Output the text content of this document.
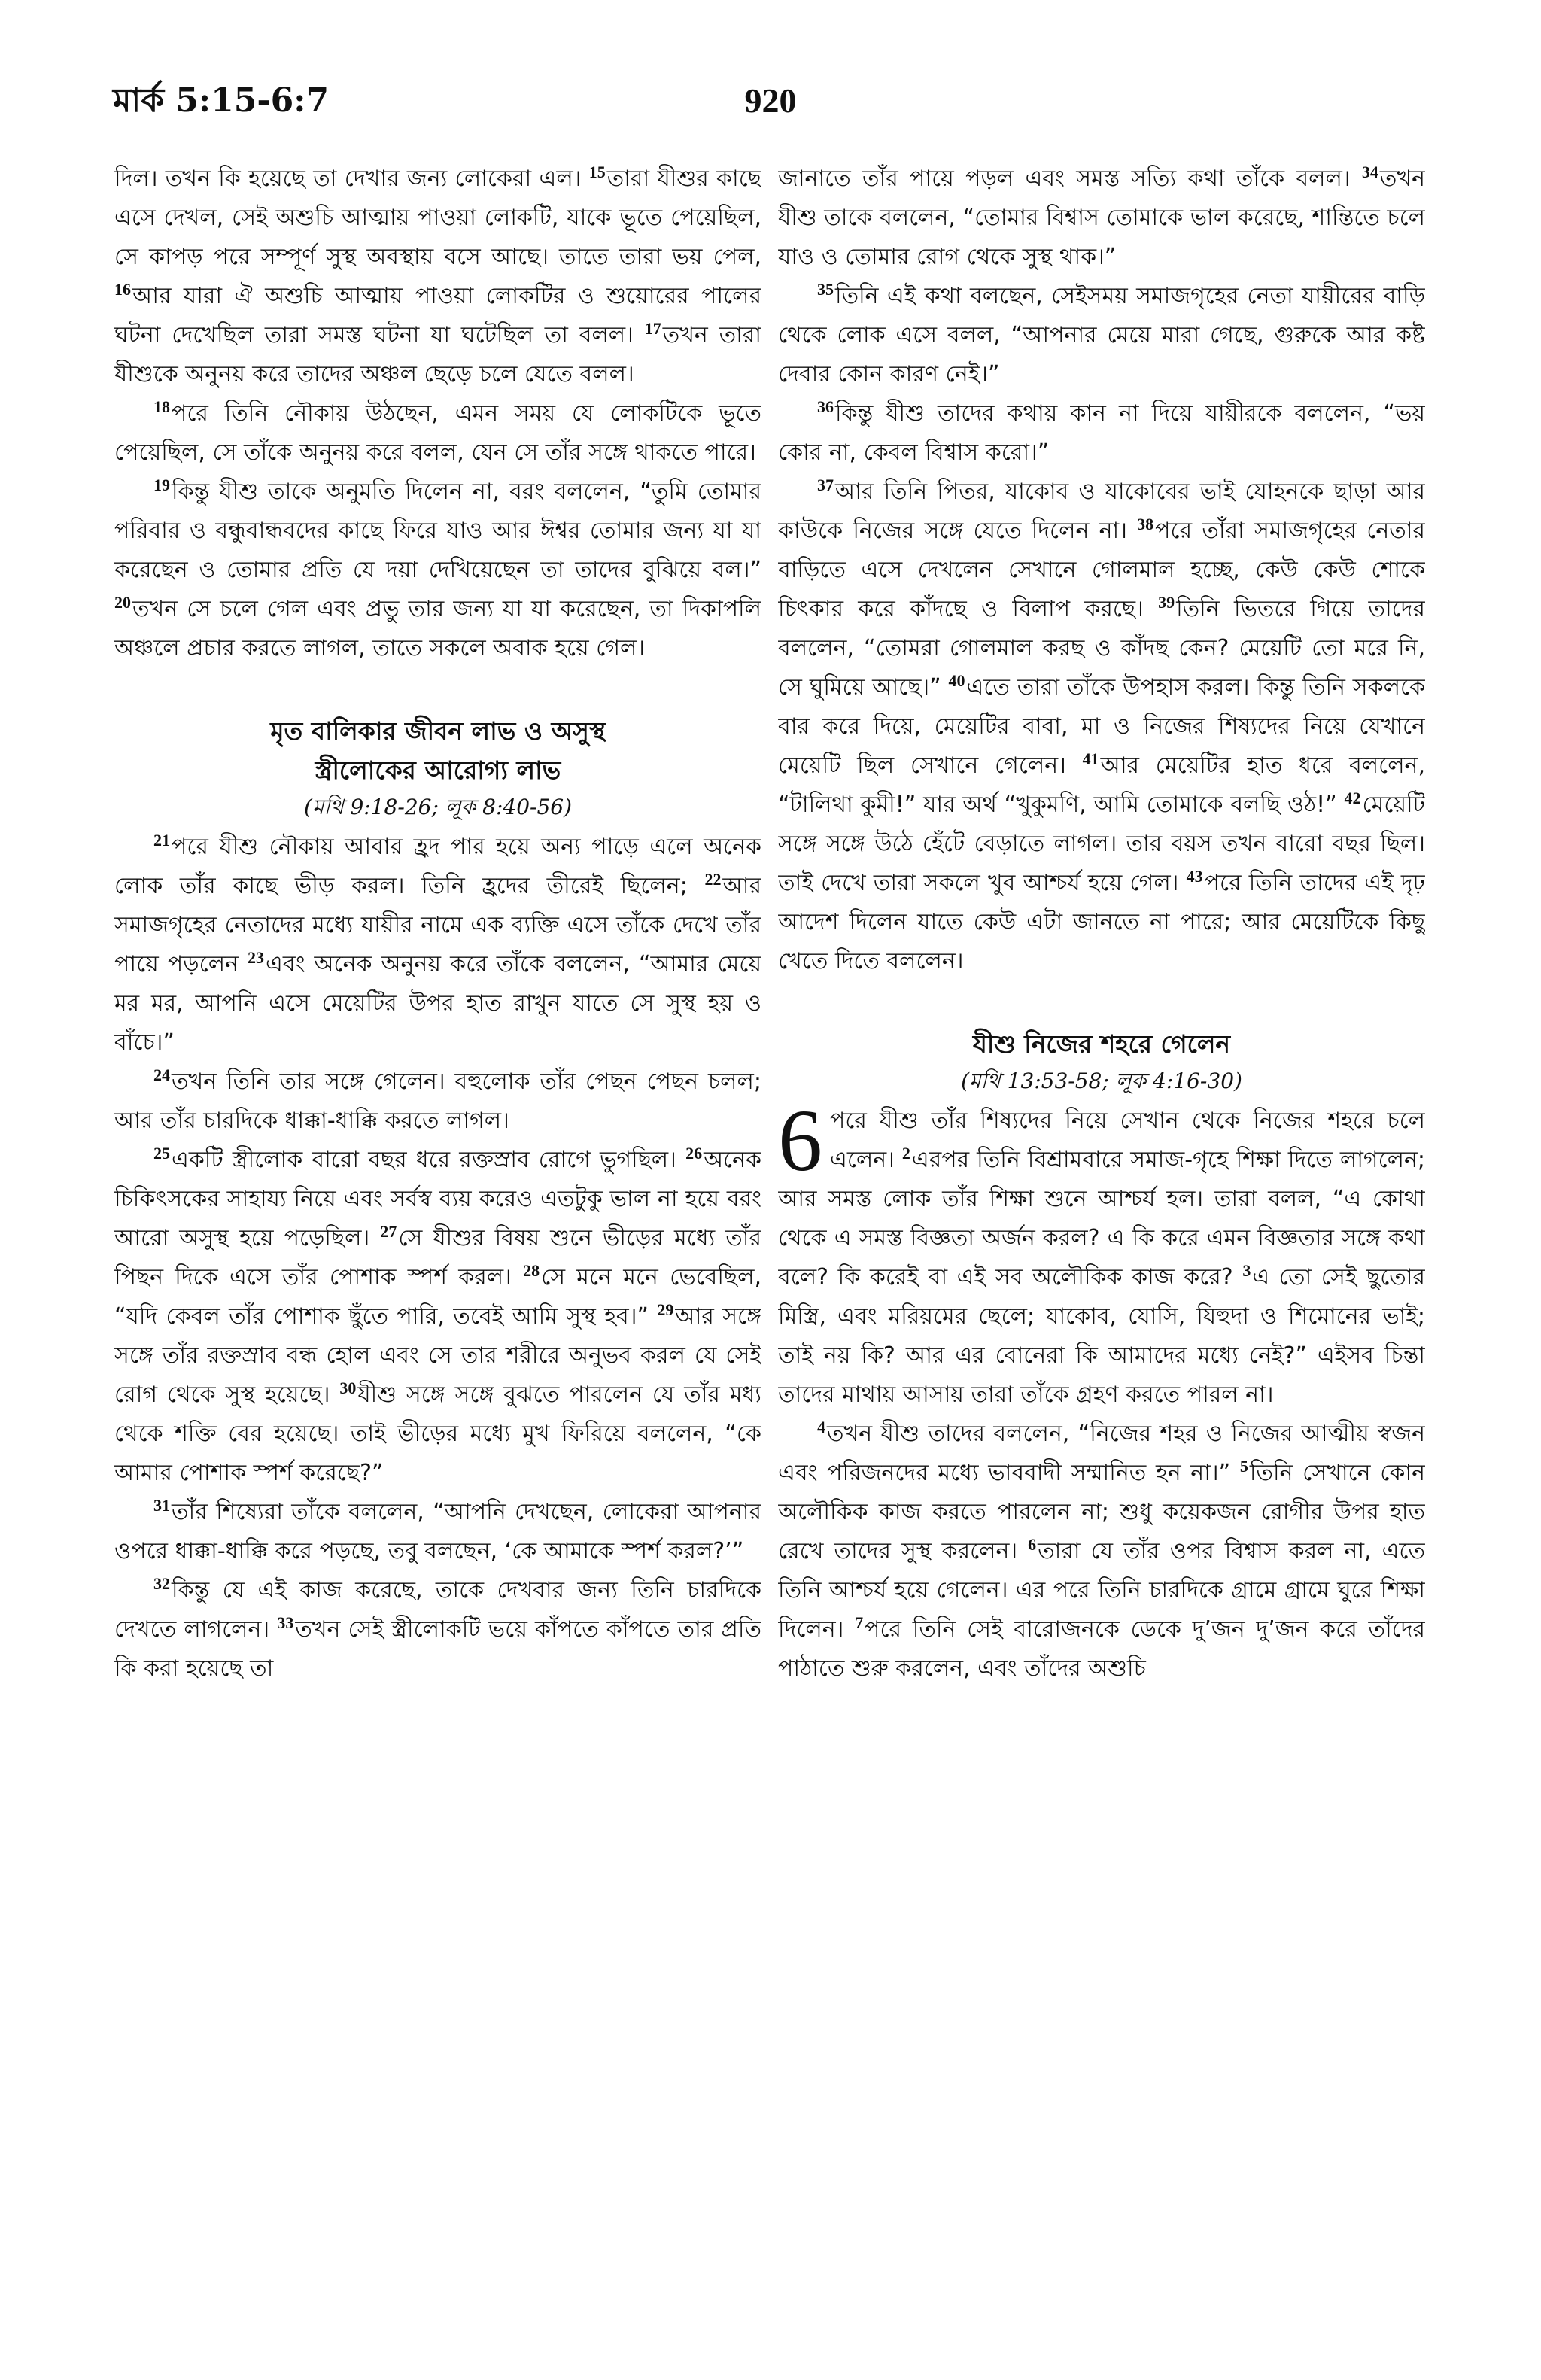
মার্ক 5:15-6:7	920

দিল। তখন কি হয়েছে তা দেখার জন্য লোকেরা এল। $^{15}$তারা যীশুর কাছে এসে দেখল, সেই অশুচি আত্মায় পাওয়া লোকটি, যাকে ভূতে পেয়েছিল, সে কাপড় পরে সম্পূর্ণ সুস্থ অবস্থায় বসে আছে। তাতে তারা ভয় পেল, $^{16}$আর যারা ঐ অশুচি আত্মায় পাওয়া লোকটির ও শুয়োরের পালের ঘটনা দেখেছিল তারা সমস্ত ঘটনা যা ঘটেছিল তা বলল। $^{17}$তখন তারা যীশুকে অনুনয় করে তাদের অঞ্চল ছেড়ে চলে যেতে বলল।

$^{18}$পরে তিনি নৌকায় উঠছেন, এমন সময় যে লোকটিকে ভূতে পেয়েছিল, সে তাঁকে অনুনয় করে বলল, যেন সে তাঁর সঙ্গে থাকতে পারে।

$^{19}$কিন্তু যীশু তাকে অনুমতি দিলেন না, বরং বললেন, “তুমি তোমার পরিবার ও বন্ধুবান্ধবদের কাছে ফিরে যাও আর ঈশ্বর তোমার জন্য যা যা করেছেন ও তোমার প্রতি যে দয়া দেখিয়েছেন তা তাদের বুঝিয়ে বল।” $^{20}$তখন সে চলে গেল এবং প্রভু তার জন্য যা যা করেছেন, তা দিকাপলি অঞ্চলে প্রচার করতে লাগল, তাতে সকলে অবাক হয়ে গেল।

মৃত বালিকার জীবন লাভ ও অসুস্থ

স্ত্রীলোকের আরোগ্য লাভ

(মথি 9:18-26; লূক 8:40-56)

$^{21}$পরে যীশু নৌকায় আবার হ্রদ পার হয়ে অন্য পাড়ে এলে অনেক লোক তাঁর কাছে ভীড় করল। তিনি হ্রদের তীরেই ছিলেন; $^{22}$আর সমাজগৃহের নেতাদের মধ্যে যায়ীর নামে এক ব্যক্তি এসে তাঁকে দেখে তাঁর পায়ে পড়লেন $^{23}$এবং অনেক অনুনয় করে তাঁকে বললেন, “আমার মেয়ে মর মর, আপনি এসে মেয়েটির উপর হাত রাখুন যাতে সে সুস্থ হয় ও বাঁচে।”

$^{24}$তখন তিনি তার সঙ্গে গেলেন। বহুলোক তাঁর পেছন পেছন চলল; আর তাঁর চারদিকে ধাক্কা-ধাক্কি করতে লাগল।

$^{25}$একটি স্ত্রীলোক বারো বছর ধরে রক্তস্রাব রোগে ভুগছিল। $^{26}$অনেক চিকিৎসকের সাহায্য নিয়ে এবং সর্বস্ব ব্যয় করেও এতটুকু ভাল না হয়ে বরং আরো অসুস্থ হয়ে পড়েছিল। $^{27}$সে যীশুর বিষয় শুনে ভীড়ের মধ্যে তাঁর পিছন দিকে এসে তাঁর পোশাক স্পর্শ করল। $^{28}$সে মনে মনে ভেবেছিল, “যদি কেবল তাঁর পোশাক ছুঁতে পারি, তবেই আমি সুস্থ হব।” $^{29}$আর সঙ্গে সঙ্গে তাঁর রক্তস্রাব বন্ধ হোল এবং সে তার শরীরে অনুভব করল যে সেই রোগ থেকে সুস্থ হয়েছে। $^{30}$যীশু সঙ্গে সঙ্গে বুঝতে পারলেন যে তাঁর মধ্য থেকে শক্তি বের হয়েছে। তাই ভীড়ের মধ্যে মুখ ফিরিয়ে বললেন, “কে আমার পোশাক স্পর্শ করেছে?”

$^{31}$তাঁর শিষ্যেরা তাঁকে বললেন, “আপনি দেখছেন, লোকেরা আপনার ওপরে ধাক্কা-ধাক্কি করে পড়ছে, তবু বলছেন, ‘কে আমাকে স্পর্শ করল?’”

$^{32}$কিন্তু যে এই কাজ করেছে, তাকে দেখবার জন্য তিনি চারদিকে দেখতে লাগলেন। $^{33}$তখন সেই স্ত্রীলোকটি ভয়ে কাঁপতে কাঁপতে তার প্রতি কি করা হয়েছে তা

জানাতে তাঁর পায়ে পড়ল এবং সমস্ত সত্যি কথা তাঁকে বলল। $^{34}$তখন যীশু তাকে বললেন, “তোমার বিশ্বাস তোমাকে ভাল করেছে, শান্তিতে চলে যাও ও তোমার রোগ থেকে সুস্থ থাক।”

$^{35}$তিনি এই কথা বলছেন, সেইসময় সমাজগৃহের নেতা যায়ীরের বাড়ি থেকে লোক এসে বলল, “আপনার মেয়ে মারা গেছে, গুরুকে আর কষ্ট দেবার কোন কারণ নেই।”

$^{36}$কিন্তু যীশু তাদের কথায় কান না দিয়ে যায়ীরকে বললেন, “ভয় কোর না, কেবল বিশ্বাস করো।”

$^{37}$আর তিনি পিতর, যাকোব ও যাকোবের ভাই যোহনকে ছাড়া আর কাউকে নিজের সঙ্গে যেতে দিলেন না। $^{38}$পরে তাঁরা সমাজগৃহের নেতার বাড়িতে এসে দেখলেন সেখানে গোলমাল হচ্ছে, কেউ কেউ শোকে চিৎকার করে কাঁদছে ও বিলাপ করছে। $^{39}$তিনি ভিতরে গিয়ে তাদের বললেন, “তোমরা গোলমাল করছ ও কাঁদছ কেন? মেয়েটি তো মরে নি, সে ঘুমিয়ে আছে।” $^{40}$এতে তারা তাঁকে উপহাস করল। কিন্তু তিনি সকলকে বার করে দিয়ে, মেয়েটির বাবা, মা ও নিজের শিষ্যদের নিয়ে যেখানে মেয়েটি ছিল সেখানে গেলেন। $^{41}$আর মেয়েটির হাত ধরে বললেন, “টালিথা কুমী!” যার অর্থ “খুকুমণি, আমি তোমাকে বলছি ওঠ!” $^{42}$মেয়েটি সঙ্গে সঙ্গে উঠে হেঁটে বেড়াতে লাগল। তার বয়স তখন বারো বছর ছিল। তাই দেখে তারা সকলে খুব আশ্চর্য হয়ে গেল। $^{43}$পরে তিনি তাদের এই দৃঢ় আদেশ দিলেন যাতে কেউ এটা জানতে না পারে; আর মেয়েটিকে কিছু খেতে দিতে বললেন।

যীশু নিজের শহরে গেলেন

(মথি 13:53-58; লূক 4:16-30)

6 পরে যীশু তাঁর শিষ্যদের নিয়ে সেখান থেকে নিজের শহরে চলে এলেন। $^2$এরপর তিনি বিশ্রামবারে সমাজ-গৃহে শিক্ষা দিতে লাগলেন; আর সমস্ত লোক তাঁর শিক্ষা শুনে আশ্চর্য হল। তারা বলল, “এ কোথা থেকে এ সমস্ত বিজ্ঞতা অর্জন করল? এ কি করে এমন বিজ্ঞতার সঙ্গে কথা বলে? কি করেই বা এই সব অলৌকিক কাজ করে? $^3$এ তো সেই ছুতোর মিস্ত্রি, এবং মরিয়মের ছেলে; যাকোব, যোসি, যিহুদা ও শিমোনের ভাই; তাই নয় কি? আর এর বোনেরা কি আমাদের মধ্যে নেই?” এইসব চিন্তা তাদের মাথায় আসায় তারা তাঁকে গ্রহণ করতে পারল না।

$^4$তখন যীশু তাদের বললেন, “নিজের শহর ও নিজের আত্মীয় স্বজন এবং পরিজনদের মধ্যে ভাববাদী সম্মানিত হন না।” $^5$তিনি সেখানে কোন অলৌকিক কাজ করতে পারলেন না; শুধু কয়েকজন রোগীর উপর হাত রেখে তাদের সুস্থ করলেন। $^6$তারা যে তাঁর ওপর বিশ্বাস করল না, এতে তিনি আশ্চর্য হয়ে গেলেন। এর পরে তিনি চারদিকে গ্রামে গ্রামে ঘুরে শিক্ষা দিলেন। $^7$পরে তিনি সেই বারোজনকে ডেকে দু’জন দু’জন করে তাঁদের পাঠাতে শুরু করলেন, এবং তাঁদের অশুচি
